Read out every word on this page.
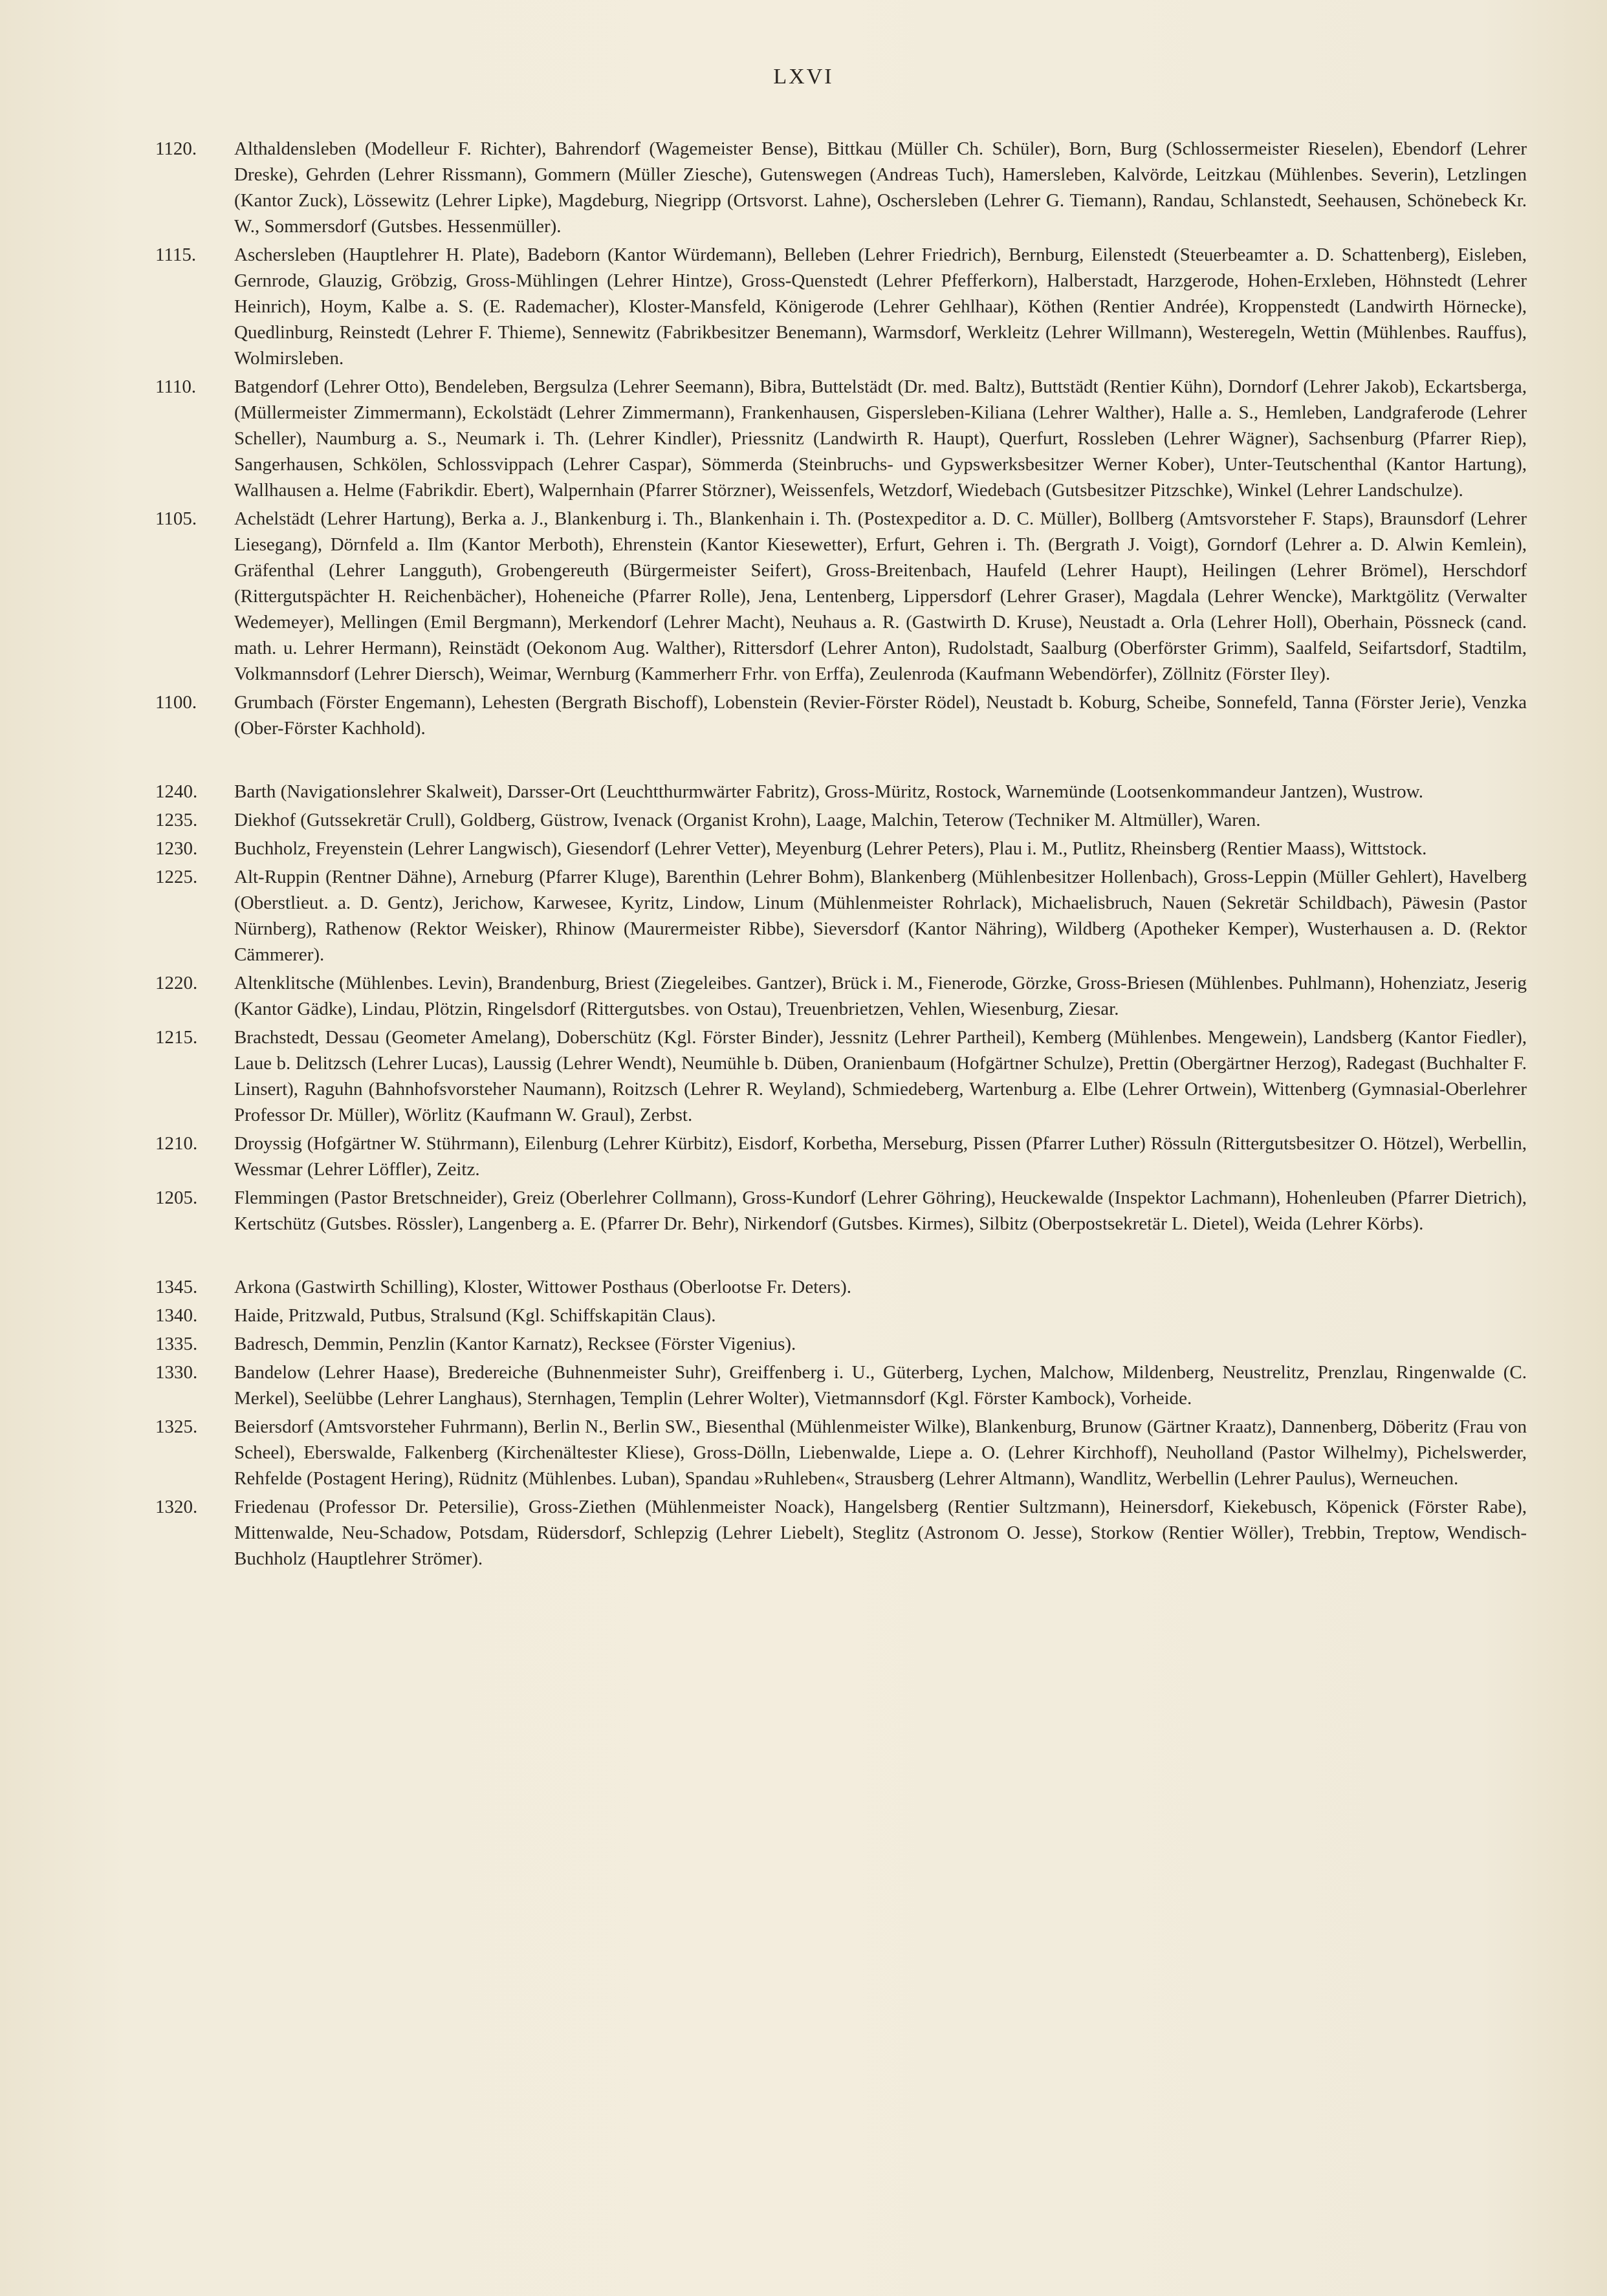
LXVI
1120.	Althaldensleben (Modelleur F. Richter), Bahrendorf (Wagemeister Bense), Bittkau (Müller Ch. Schüler), Born, Burg (Schlossermeister Rieselen), Ebendorf (Lehrer Dreske), Gehrden (Lehrer Rissmann), Gommern (Müller Ziesche), Gutenswegen (Andreas Tuch), Hamersleben, Kalvörde, Leitzkau (Mühlenbes. Severin), Letzlingen (Kantor Zuck), Lössewitz (Lehrer Lipke), Magdeburg, Niegripp (Ortsvorst. Lahne), Oschersleben (Lehrer G. Tiemann), Randau, Schlanstedt, Seehausen, Schönebeck Kr. W., Sommersdorf (Gutsbes. Hessenmüller).
1115.	Aschersleben (Hauptlehrer H. Plate), Badeborn (Kantor Würdemann), Belleben (Lehrer Friedrich), Bernburg, Eilenstedt (Steuerbeamter a. D. Schattenberg), Eisleben, Gernrode, Glauzig, Gröbzig, Gross-Mühlingen (Lehrer Hintze), Gross-Quenstedt (Lehrer Pfefferkorn), Halberstadt, Harzgerode, Hohen-Erxleben, Höhnstedt (Lehrer Heinrich), Hoym, Kalbe a. S. (E. Rademacher), Kloster-Mansfeld, Königerode (Lehrer Gehlhaar), Köthen (Rentier Andrée), Kroppenstedt (Landwirth Hörnecke), Quedlinburg, Reinstedt (Lehrer F. Thieme), Sennewitz (Fabrikbesitzer Benemann), Warmsdorf, Werkleitz (Lehrer Willmann), Westeregeln, Wettin (Mühlenbes. Rauffus), Wolmirsleben.
1110.	Batgendorf (Lehrer Otto), Bendeleben, Bergsulza (Lehrer Seemann), Bibra, Buttelstädt (Dr. med. Baltz), Buttstädt (Rentier Kühn), Dorndorf (Lehrer Jakob), Eckartsberga, (Müllermeister Zimmermann), Eckolstädt (Lehrer Zimmermann), Frankenhausen, Gispersleben-Kiliana (Lehrer Walther), Halle a. S., Hemleben, Landgraferode (Lehrer Scheller), Naumburg a. S., Neumark i. Th. (Lehrer Kindler), Priessnitz (Landwirth R. Haupt), Querfurt, Rossleben (Lehrer Wägner), Sachsenburg (Pfarrer Riep), Sangerhausen, Schkölen, Schlossvippach (Lehrer Caspar), Sömmerda (Steinbruchs- und Gypswerksbesitzer Werner Kober), Unter-Teutschenthal (Kantor Hartung), Wallhausen a. Helme (Fabrikdir. Ebert), Walpernhain (Pfarrer Störzner), Weissenfels, Wetzdorf, Wiedebach (Gutsbesitzer Pitzschke), Winkel (Lehrer Landschulze).
1105.	Achelstädt (Lehrer Hartung), Berka a. J., Blankenburg i. Th., Blankenhain i. Th. (Postexpeditor a. D. C. Müller), Bollberg (Amtsvorsteher F. Staps), Braunsdorf (Lehrer Liesegang), Dörnfeld a. Ilm (Kantor Merboth), Ehrenstein (Kantor Kiesewetter), Erfurt, Gehren i. Th. (Bergrath J. Voigt), Gorndorf (Lehrer a. D. Alwin Kemlein), Gräfenthal (Lehrer Langguth), Grobengereuth (Bürgermeister Seifert), Gross-Breitenbach, Haufeld (Lehrer Haupt), Heilingen (Lehrer Brömel), Herschdorf (Rittergutspächter H. Reichenbächer), Hoheneiche (Pfarrer Rolle), Jena, Lentenberg, Lippersdorf (Lehrer Graser), Magdala (Lehrer Wencke), Marktgölitz (Verwalter Wedemeyer), Mellingen (Emil Bergmann), Merkendorf (Lehrer Macht), Neuhaus a. R. (Gastwirth D. Kruse), Neustadt a. Orla (Lehrer Holl), Oberhain, Pössneck (cand. math. u. Lehrer Hermann), Reinstädt (Oekonom Aug. Walther), Rittersdorf (Lehrer Anton), Rudolstadt, Saalburg (Oberförster Grimm), Saalfeld, Seifartsdorf, Stadtilm, Volkmannsdorf (Lehrer Diersch), Weimar, Wernburg (Kammerherr Frhr. von Erffa), Zeulenroda (Kaufmann Webendörfer), Zöllnitz (Förster Iley).
1100.	Grumbach (Förster Engemann), Lehesten (Bergrath Bischoff), Lobenstein (Revier-Förster Rödel), Neustadt b. Koburg, Scheibe, Sonnefeld, Tanna (Förster Jerie), Venzka (Ober-Förster Kachhold).
1240.	Barth (Navigationslehrer Skalweit), Darsser-Ort (Leuchtthurmwärter Fabritz), Gross-Müritz, Rostock, Warnemünde (Lootsenkommandeur Jantzen), Wustrow.
1235.	Diekhof (Gutssekretär Crull), Goldberg, Güstrow, Ivenack (Organist Krohn), Laage, Malchin, Teterow (Techniker M. Altmüller), Waren.
1230.	Buchholz, Freyenstein (Lehrer Langwisch), Giesendorf (Lehrer Vetter), Meyenburg (Lehrer Peters), Plau i. M., Putlitz, Rheinsberg (Rentier Maass), Wittstock.
1225.	Alt-Ruppin (Rentner Dähne), Arneburg (Pfarrer Kluge), Barenthin (Lehrer Bohm), Blankenberg (Mühlenbesitzer Hollenbach), Gross-Leppin (Müller Gehlert), Havelberg (Oberstlieut. a. D. Gentz), Jerichow, Karwesee, Kyritz, Lindow, Linum (Mühlenmeister Rohrlack), Michaelisbruch, Nauen (Sekretär Schildbach), Päwesin (Pastor Nürnberg), Rathenow (Rektor Weisker), Rhinow (Maurermeister Ribbe), Sieversdorf (Kantor Nähring), Wildberg (Apotheker Kemper), Wusterhausen a. D. (Rektor Cämmerer).
1220.	Altenklitsche (Mühlenbes. Levin), Brandenburg, Briest (Ziegeleibes. Gantzer), Brück i. M., Fienerode, Görzke, Gross-Briesen (Mühlenbes. Puhlmann), Hohenziatz, Jeserig (Kantor Gädke), Lindau, Plötzin, Ringelsdorf (Rittergutsbes. von Ostau), Treuenbrietzen, Vehlen, Wiesenburg, Ziesar.
1215.	Brachstedt, Dessau (Geometer Amelang), Doberschütz (Kgl. Förster Binder), Jessnitz (Lehrer Partheil), Kemberg (Mühlenbes. Mengewein), Landsberg (Kantor Fiedler), Laue b. Delitzsch (Lehrer Lucas), Laussig (Lehrer Wendt), Neumühle b. Düben, Oranienbaum (Hofgärtner Schulze), Prettin (Obergärtner Herzog), Radegast (Buchhalter F. Linsert), Raguhn (Bahnhofsvorsteher Naumann), Roitzsch (Lehrer R. Weyland), Schmiedeberg, Wartenburg a. Elbe (Lehrer Ortwein), Wittenberg (Gymnasial-Oberlehrer Professor Dr. Müller), Wörlitz (Kaufmann W. Graul), Zerbst.
1210.	Droyssig (Hofgärtner W. Stührmann), Eilenburg (Lehrer Kürbitz), Eisdorf, Korbetha, Merseburg, Pissen (Pfarrer Luther) Rössuln (Rittergutsbesitzer O. Hötzel), Werbellin, Wessmar (Lehrer Löffler), Zeitz.
1205.	Flemmingen (Pastor Bretschneider), Greiz (Oberlehrer Collmann), Gross-Kundorf (Lehrer Göhring), Heuckewalde (Inspektor Lachmann), Hohenleuben (Pfarrer Dietrich), Kertschütz (Gutsbes. Rössler), Langenberg a. E. (Pfarrer Dr. Behr), Nirkendorf (Gutsbes. Kirmes), Silbitz (Oberpostsekretär L. Dietel), Weida (Lehrer Körbs).
1345.	Arkona (Gastwirth Schilling), Kloster, Wittower Posthaus (Oberlootse Fr. Deters).
1340.	Haide, Pritzwald, Putbus, Stralsund (Kgl. Schiffskapitän Claus).
1335.	Badresch, Demmin, Penzlin (Kantor Karnatz), Recksee (Förster Vigenius).
1330.	Bandelow (Lehrer Haase), Bredereiche (Buhnenmeister Suhr), Greiffenberg i. U., Güterberg, Lychen, Malchow, Mildenberg, Neustrelitz, Prenzlau, Ringenwalde (C. Merkel), Seelübbe (Lehrer Langhaus), Sternhagen, Templin (Lehrer Wolter), Vietmannsdorf (Kgl. Förster Kambock), Vorheide.
1325.	Beiersdorf (Amtsvorsteher Fuhrmann), Berlin N., Berlin SW., Biesenthal (Mühlenmeister Wilke), Blankenburg, Brunow (Gärtner Kraatz), Dannenberg, Döberitz (Frau von Scheel), Eberswalde, Falkenberg (Kirchenältester Kliese), Gross-Dölln, Liebenwalde, Liepe a. O. (Lehrer Kirchhoff), Neuholland (Pastor Wilhelmy), Pichelswerder, Rehfelde (Postagent Hering), Rüdnitz (Mühlenbes. Luban), Spandau »Ruhleben«, Strausberg (Lehrer Altmann), Wandlitz, Werbellin (Lehrer Paulus), Werneuchen.
1320.	Friedenau (Professor Dr. Petersilie), Gross-Ziethen (Mühlenmeister Noack), Hangelsberg (Rentier Sultzmann), Heinersdorf, Kiekebusch, Köpenick (Förster Rabe), Mittenwalde, Neu-Schadow, Potsdam, Rüdersdorf, Schlepzig (Lehrer Liebelt), Steglitz (Astronom O. Jesse), Storkow (Rentier Wöller), Trebbin, Treptow, Wendisch-Buchholz (Hauptlehrer Strömer).
